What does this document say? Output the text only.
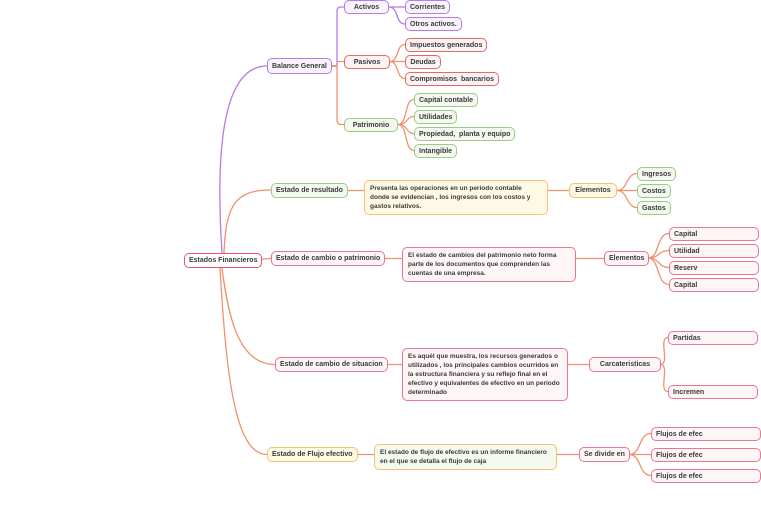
Estados Financieros
Balance General
Activos	Corrientes
Otros activos.
Pasivos
Impuestos generados
Deudas
Compromisos  bancarios
Patrimonio
Capital contable
Utilidades
Propiedad,  planta y equipo
Intangible
Estado de resultado	Presenta las operaciones en un periodo contable donde se evidencian , los ingresos con los costos y gastos relativos.
Elementos
Ingresos
Costos
Gastos
Estado de cambio o patrimonio	El estado de cambios del patrimonio neto forma parte de los documentos que comprenden las cuentas de una empresa.
Elementos
Capital
Utilidad
Reserv
Capital
Estado de cambio de situacion
Es aquél que muestra, los recursos generados o utilizados , los principales cambios ocurridos en la estructura financiera y su reflejo final en el efectivo y equivalentes de efectivo en un periodo determinado
Carcateristicas
Partidas
Incremen
Estado de Flujo efectivo	El estado de flujo de efectivo es un informe financiero en el que se detalla el flujo de caja
Se divide en
Flujos de efec
Flujos de efec
Flujos de efec
